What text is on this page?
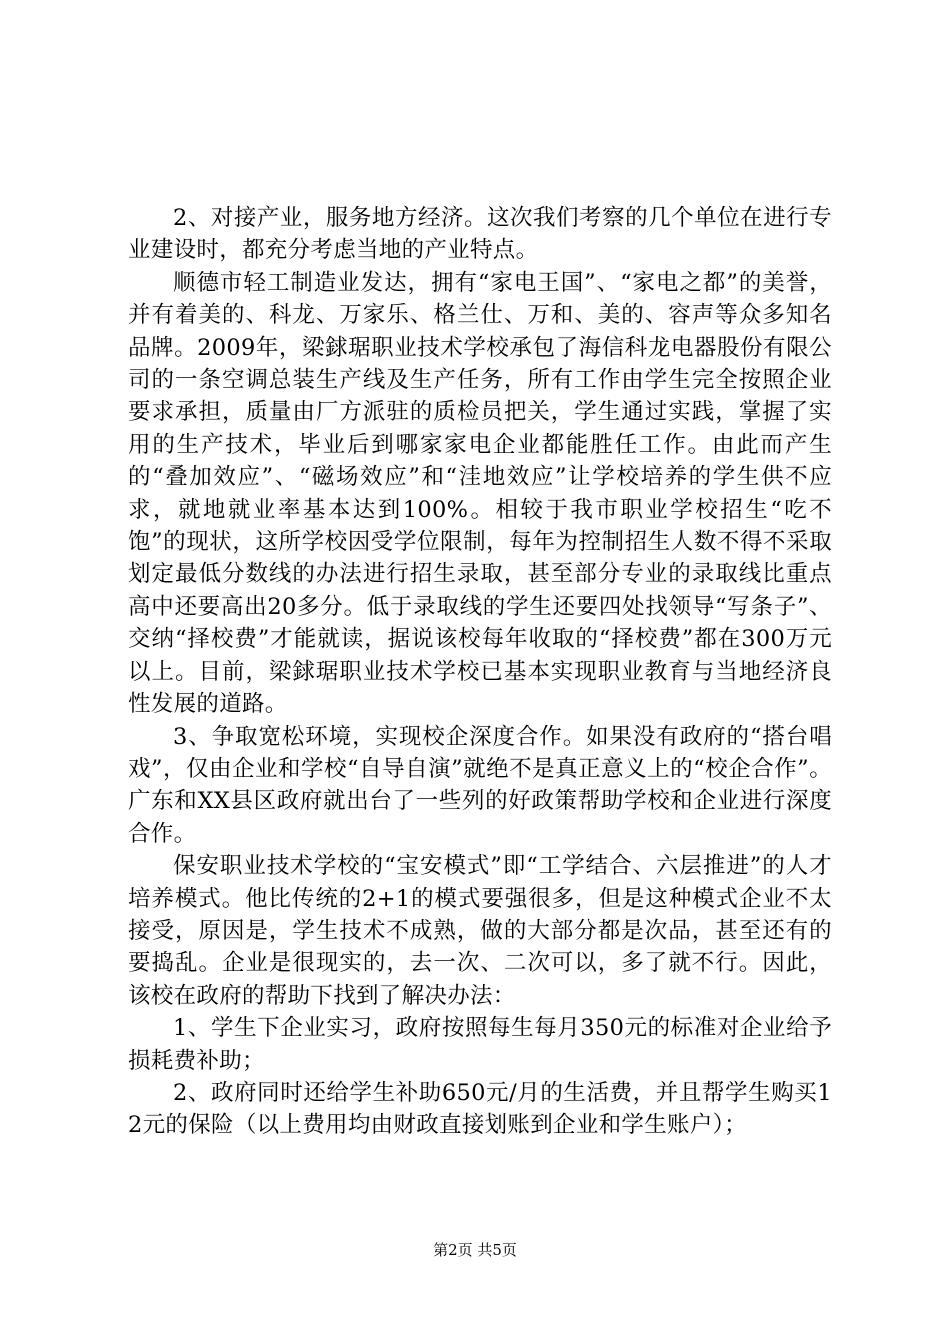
2、对接产业，服务地方经济。这次我们考察的几个单位在进行专业建设时，都充分考虑当地的产业特点。

顺德市轻工制造业发达，拥有“家电王国”、“家电之都”的美誉，并有着美的、科龙、万家乐、格兰仕、万和、美的、容声等众多知名品牌。2009年，梁銶琚职业技术学校承包了海信科龙电器股份有限公司的一条空调总装生产线及生产任务，所有工作由学生完全按照企业要求承担，质量由厂方派驻的质检员把关，学生通过实践，掌握了实用的生产技术，毕业后到哪家家电企业都能胜任工作。由此而产生的“叠加效应”、“磁场效应”和“洼地效应”让学校培养的学生供不应求，就地就业率基本达到100%。相较于我市职业学校招生“吃不饱”的现状，这所学校因受学位限制，每年为控制招生人数不得不采取划定最低分数线的办法进行招生录取，甚至部分专业的录取线比重点高中还要高出20多分。低于录取线的学生还要四处找领导“写条子”、交纳“择校费”才能就读，据说该校每年收取的“择校费”都在300万元以上。目前，梁銶琚职业技术学校已基本实现职业教育与当地经济良性发展的道路。

3、争取宽松环境，实现校企深度合作。如果没有政府的“搭台唱戏”，仅由企业和学校“自导自演”就绝不是真正意义上的“校企合作”。广东和XX县区政府就出台了一些列的好政策帮助学校和企业进行深度合作。

保安职业技术学校的“宝安模式”即“工学结合、六层推进”的人才培养模式。他比传统的2+1的模式要强很多，但是这种模式企业不太接受，原因是，学生技术不成熟，做的大部分都是次品，甚至还有的要捣乱。企业是很现实的，去一次、二次可以，多了就不行。因此，该校在政府的帮助下找到了解决办法：

1、学生下企业实习，政府按照每生每月350元的标准对企业给予损耗费补助；

2、政府同时还给学生补助650元/月的生活费，并且帮学生购买12元的保险（以上费用均由财政直接划账到企业和学生账户）；

第2页 共5页
